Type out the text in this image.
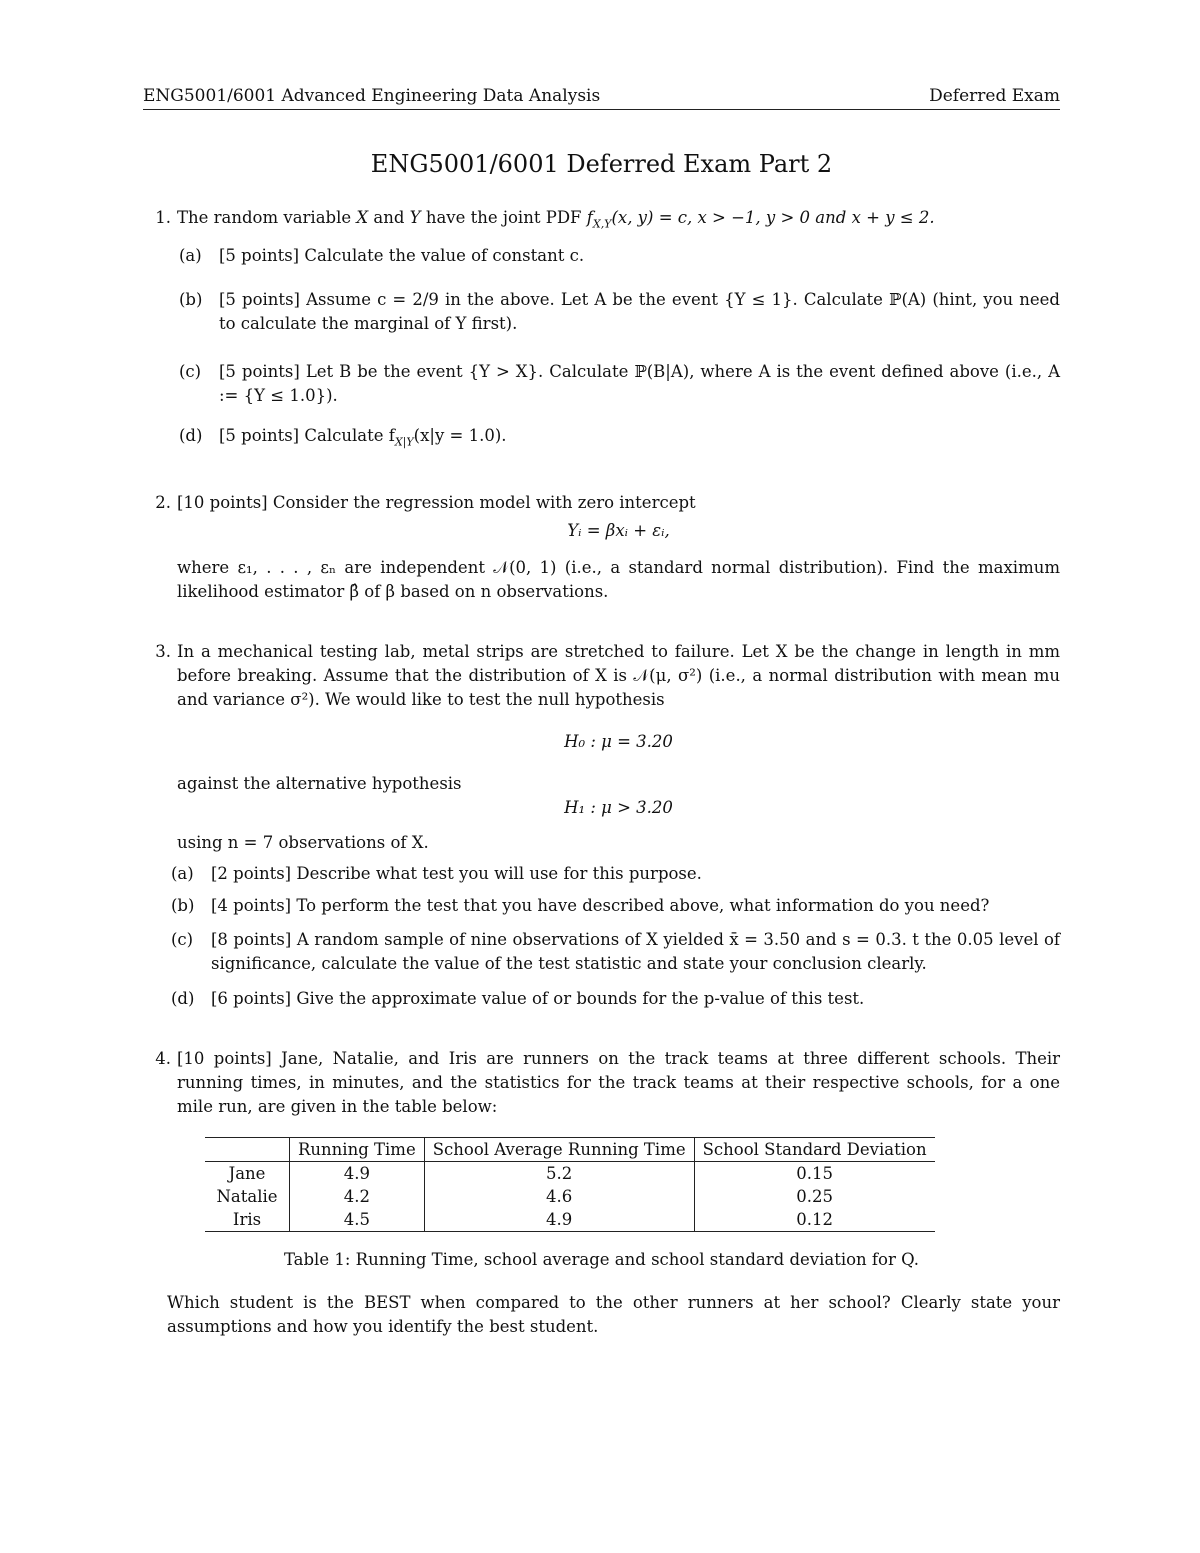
ENG5001/6001 Advanced Engineering Data Analysis	Deferred Exam
ENG5001/6001 Deferred Exam Part 2
1. The random variable X and Y have the joint PDF $f_{X,Y}(x$, y) = c, x > −1, y > 0 and x + y ≤ 2.
(a)	[5 points] Calculate the value of constant c.
(b)	[5 points] Assume c = 2/9 in the above. Let A be the event {Y ≤ 1}. Calculate ℙ(A) (hint, you need to calculate the marginal of Y first).
(c)	[5 points] Let B be the event {Y > X}. Calculate ℙ(B|A), where A is the event defined above (i.e., A := {Y ≤ 1.0}).
(d)	[5 points] Calculate $f_{X|Y}(x|y = 1.0)$.
2. [10 points] Consider the regression model with zero intercept
Yᵢ = βxᵢ + εᵢ,
where ε₁, . . . , εₙ are independent 𝒩(0, 1) (i.e., a standard normal distribution). Find the maximum likelihood estimator β̂ of β based on n observations.
3. In a mechanical testing lab, metal strips are stretched to failure. Let X be the change in length in mm before breaking. Assume that the distribution of X is 𝒩(μ, σ²) (i.e., a normal distribution with mean mu and variance σ²). We would like to test the null hypothesis
H₀ : μ = 3.20
against the alternative hypothesis
H₁ : μ > 3.20
using n = 7 observations of X.
(a)	[2 points] Describe what test you will use for this purpose.
(b)	[4 points] To perform the test that you have described above, what information do you need?
(c)	[8 points] A random sample of nine observations of X yielded x̄ = 3.50 and s = 0.3. t the 0.05 level of significance, calculate the value of the test statistic and state your conclusion clearly.
(d)	[6 points] Give the approximate value of or bounds for the p-value of this test.
4. [10 points] Jane, Natalie, and Iris are runners on the track teams at three different schools. Their running times, in minutes, and the statistics for the track teams at their respective schools, for a one mile run, are given in the table below:
	Running Time	School Average Running Time	School Standard Deviation
Jane	4.9	5.2	0.15
Natalie	4.2	4.6	0.25
Iris	4.5	4.9	0.12
Table 1: Running Time, school average and school standard deviation for Q.
Which student is the BEST when compared to the other runners at her school? Clearly state your assumptions and how you identify the best student.
